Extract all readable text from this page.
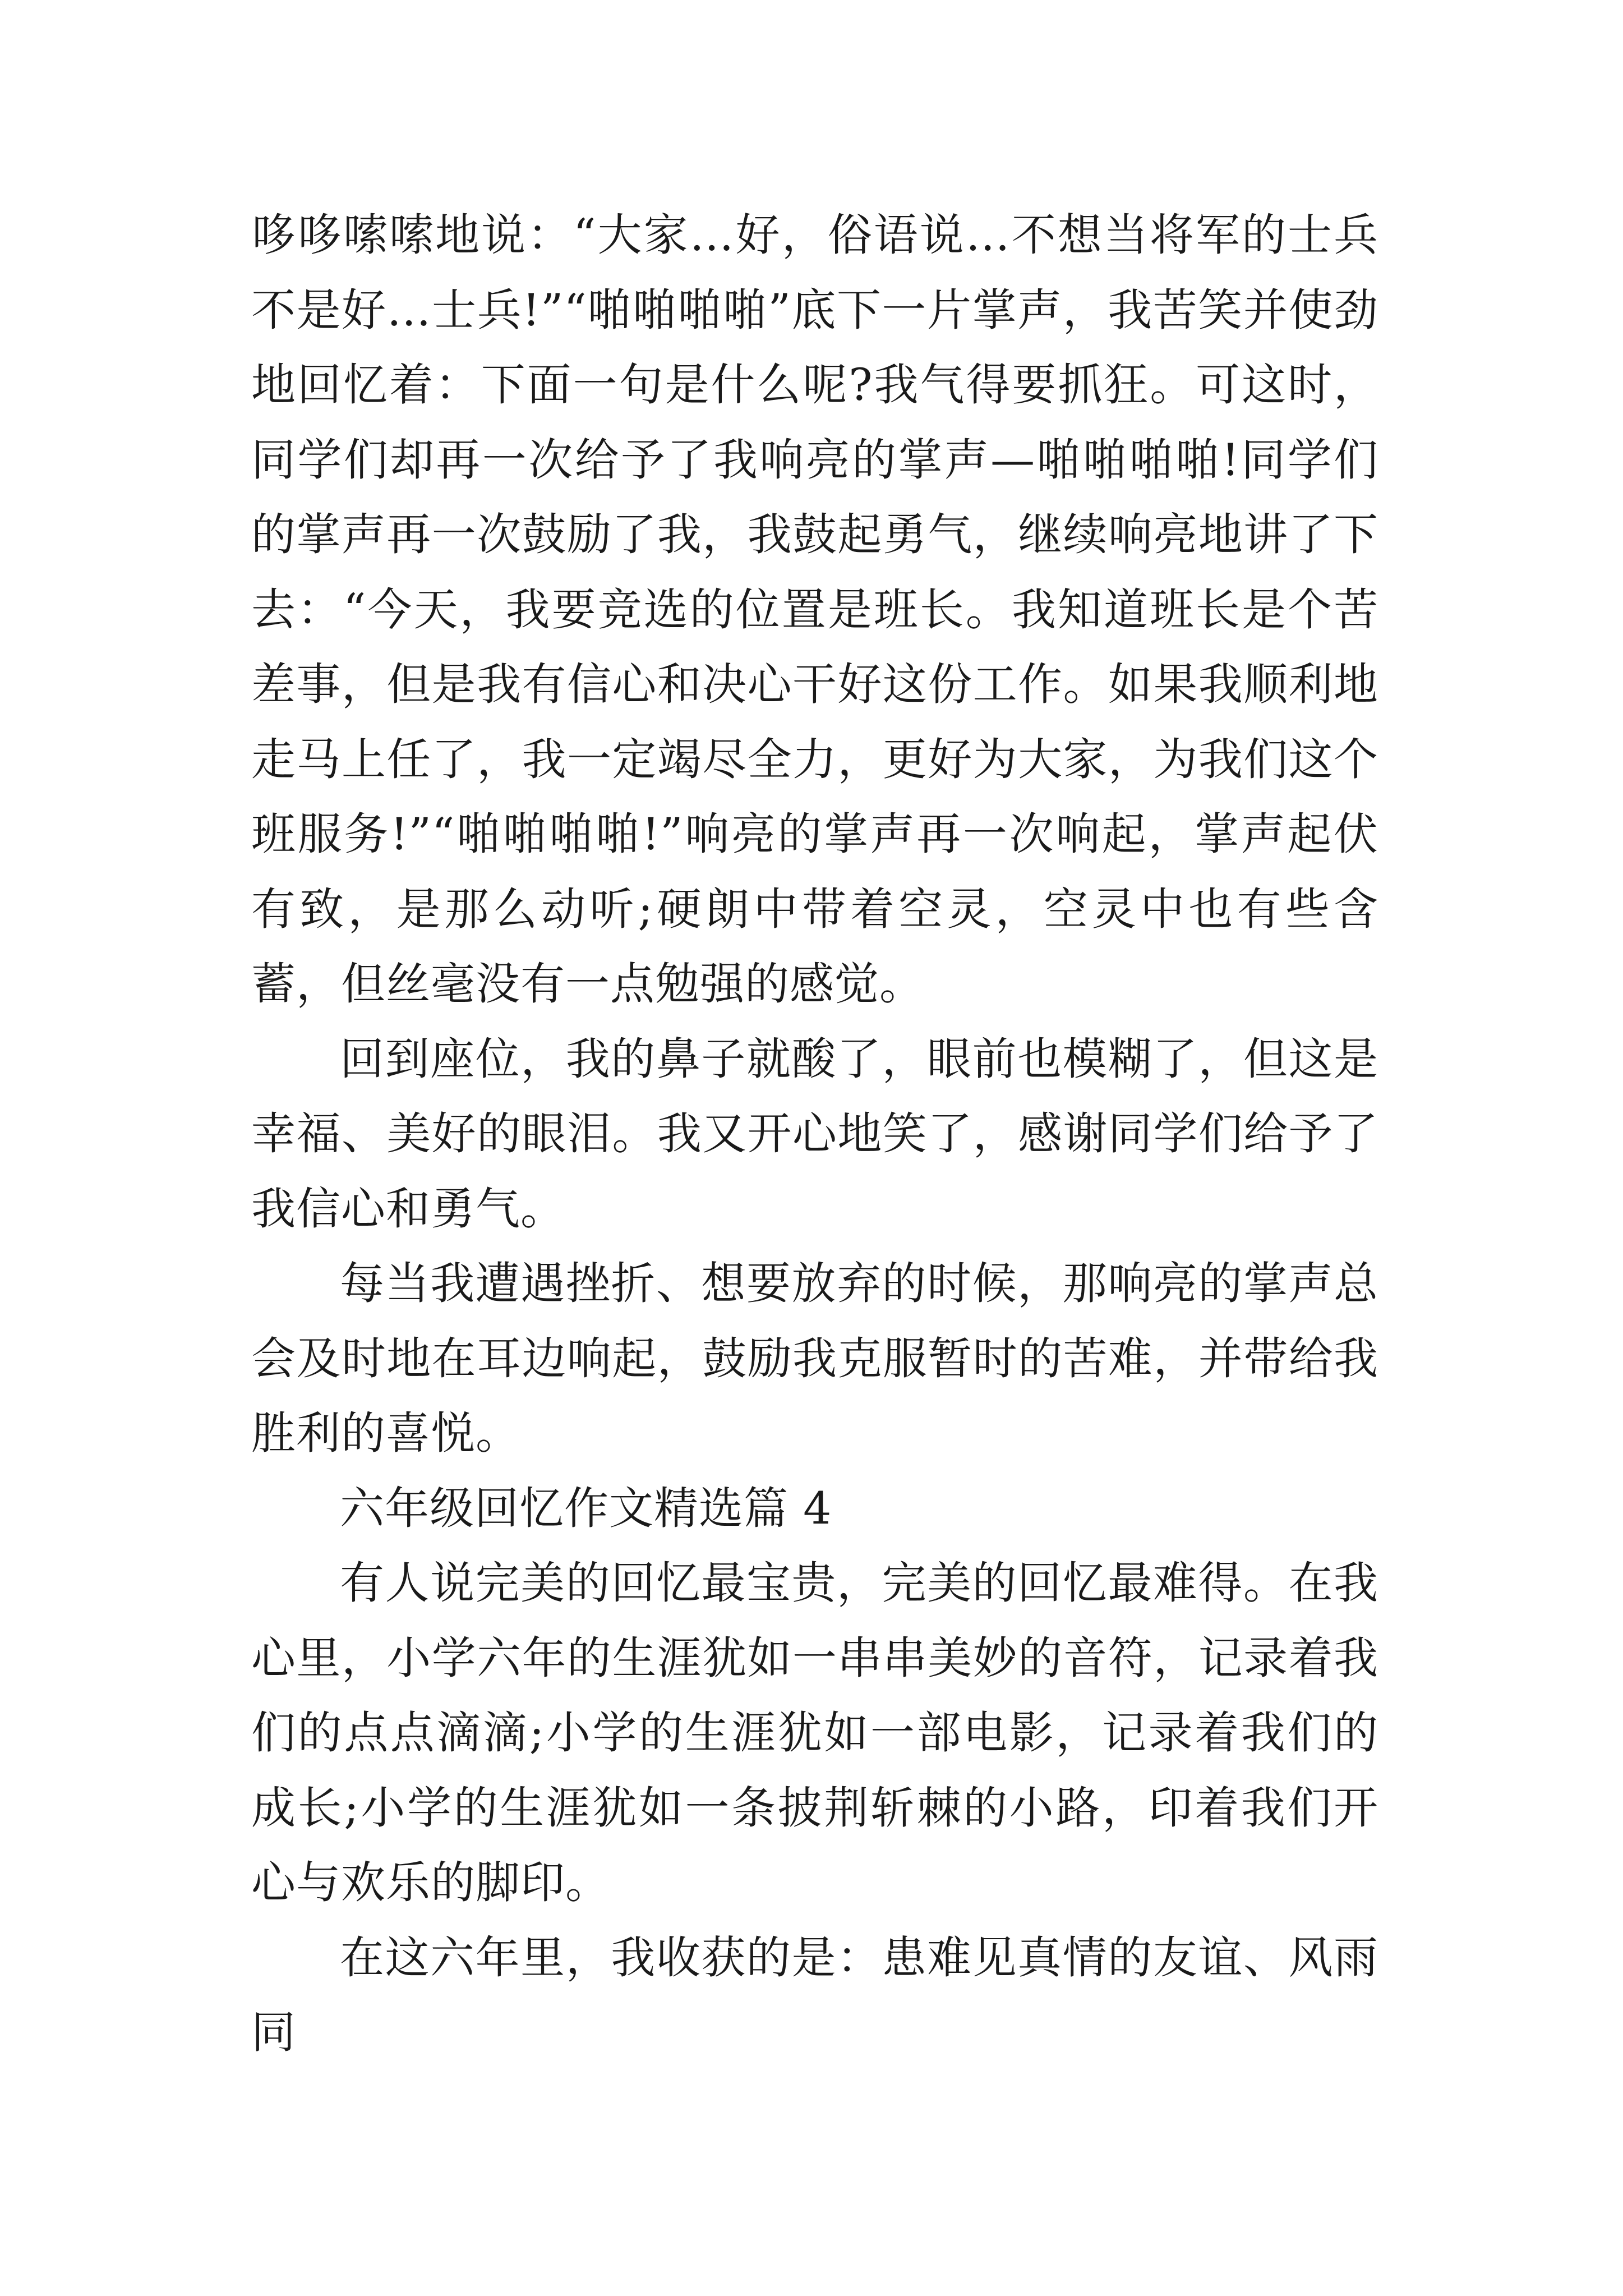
哆哆嗦嗦地说：“大家…好，俗语说…不想当将军的士兵不是好…士兵!”“啪啪啪啪”底下一片掌声，我苦笑并使劲地回忆着：下面一句是什么呢?我气得要抓狂。可这时，同学们却再一次给予了我响亮的掌声—啪啪啪啪!同学们的掌声再一次鼓励了我，我鼓起勇气，继续响亮地讲了下去：“今天，我要竞选的位置是班长。我知道班长是个苦差事，但是我有信心和决心干好这份工作。如果我顺利地走马上任了，我一定竭尽全力，更好为大家，为我们这个班服务!”“啪啪啪啪!”响亮的掌声再一次响起，掌声起伏有致，是那么动听;硬朗中带着空灵，空灵中也有些含蓄，但丝毫没有一点勉强的感觉。

回到座位，我的鼻子就酸了，眼前也模糊了，但这是幸福、美好的眼泪。我又开心地笑了，感谢同学们给予了我信心和勇气。

每当我遭遇挫折、想要放弃的时候，那响亮的掌声总会及时地在耳边响起，鼓励我克服暂时的苦难，并带给我胜利的喜悦。

六年级回忆作文精选篇 4

有人说完美的回忆最宝贵，完美的回忆最难得。在我心里，小学六年的生涯犹如一串串美妙的音符，记录着我们的点点滴滴;小学的生涯犹如一部电影，记录着我们的成长;小学的生涯犹如一条披荆斩棘的小路，印着我们开心与欢乐的脚印。

在这六年里，我收获的是：患难见真情的友谊、风雨同
